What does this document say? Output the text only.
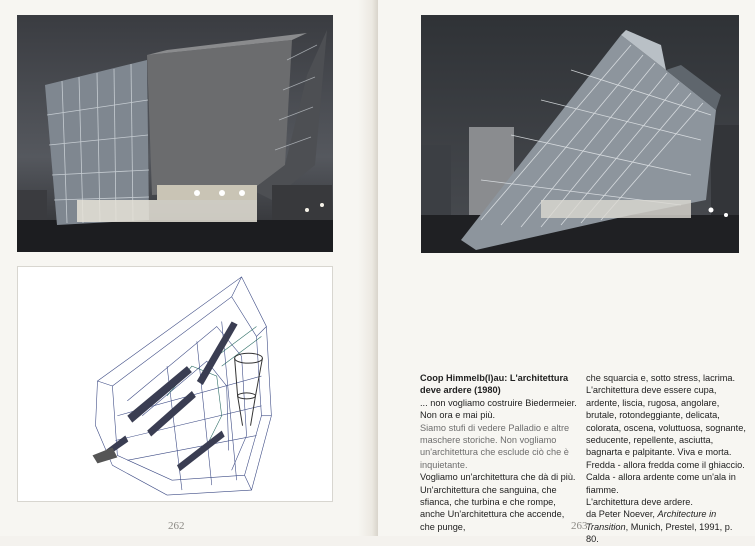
262

Coop Himmelb(l)au: L'architettura deve ardere (1980)

... non vogliamo costruire Biedermeier. Non ora e mai più.

Siamo stufi di vedere Palladio e altre maschere storiche. Non vogliamo un'architettura che esclude ciò che è inquietante.

Vogliamo un'architettura che dà di più. Un'architettura che sanguina, che sfianca, che turbina e che rompe, anche Un'architettura che accende, che punge,

che squarcia e, sotto stress, lacrima. L'architettura deve essere cupa, ardente, liscia, rugosa, angolare, brutale, rotondeggiante, delicata, colorata, oscena, voluttuosa, sognante, seducente, repellente, asciutta, bagnarta e palpitante. Viva e morta. Fredda - allora fredda come il ghiaccio. Calda - allora ardente come un'ala in fiamme.

L'architettura deve ardere.

da Peter Noever, Architecture in Transition, Munich, Prestel, 1991, p. 80.

263
